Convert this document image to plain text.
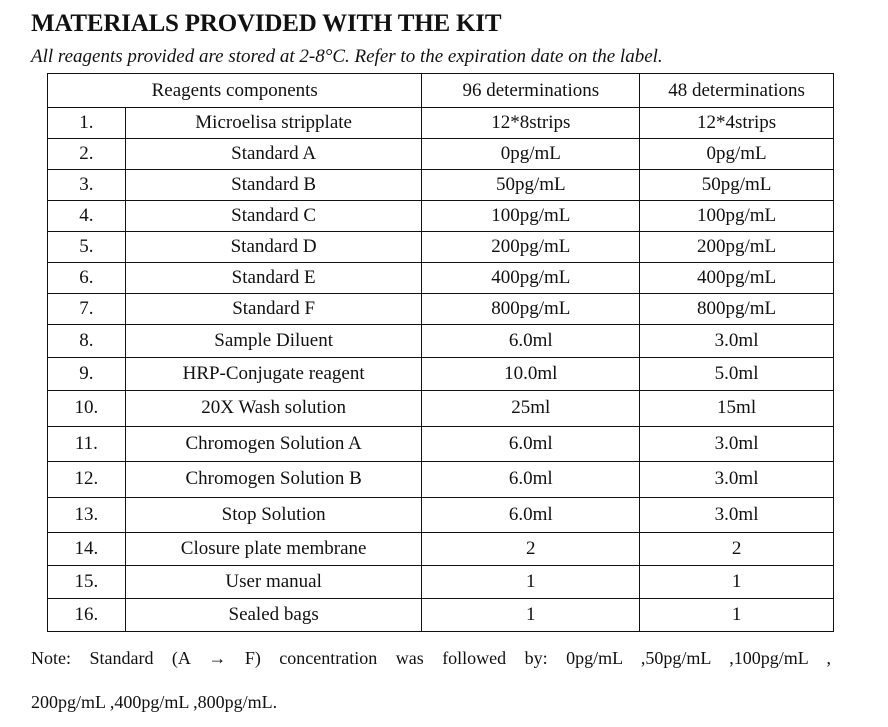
MATERIALS PROVIDED WITH THE KIT
All reagents provided are stored at 2-8°C. Refer to the expiration date on the label.
Reagents components		96 determinations	48 determinations
1.	Microelisa stripplate	12*8strips	12*4strips
2.	Standard A	0pg/mL	0pg/mL
3.	Standard B	50pg/mL	50pg/mL
4.	Standard C	100pg/mL	100pg/mL
5.	Standard D	200pg/mL	200pg/mL
6.	Standard E	400pg/mL	400pg/mL
7.	Standard F	800pg/mL	800pg/mL
8.	Sample Diluent	6.0ml	3.0ml
9.	HRP-Conjugate reagent	10.0ml	5.0ml
10.	20X Wash solution	25ml	15ml
11.	Chromogen Solution A	6.0ml	3.0ml
12.	Chromogen Solution B	6.0ml	3.0ml
13.	Stop Solution	6.0ml	3.0ml
14.	Closure plate membrane	2	2
15.	User manual	1	1
16.	Sealed bags	1	1
Note: Standard (A → F) concentration was followed by: 0pg/mL ,50pg/mL ,100pg/mL ,
200pg/mL ,400pg/mL ,800pg/mL.
